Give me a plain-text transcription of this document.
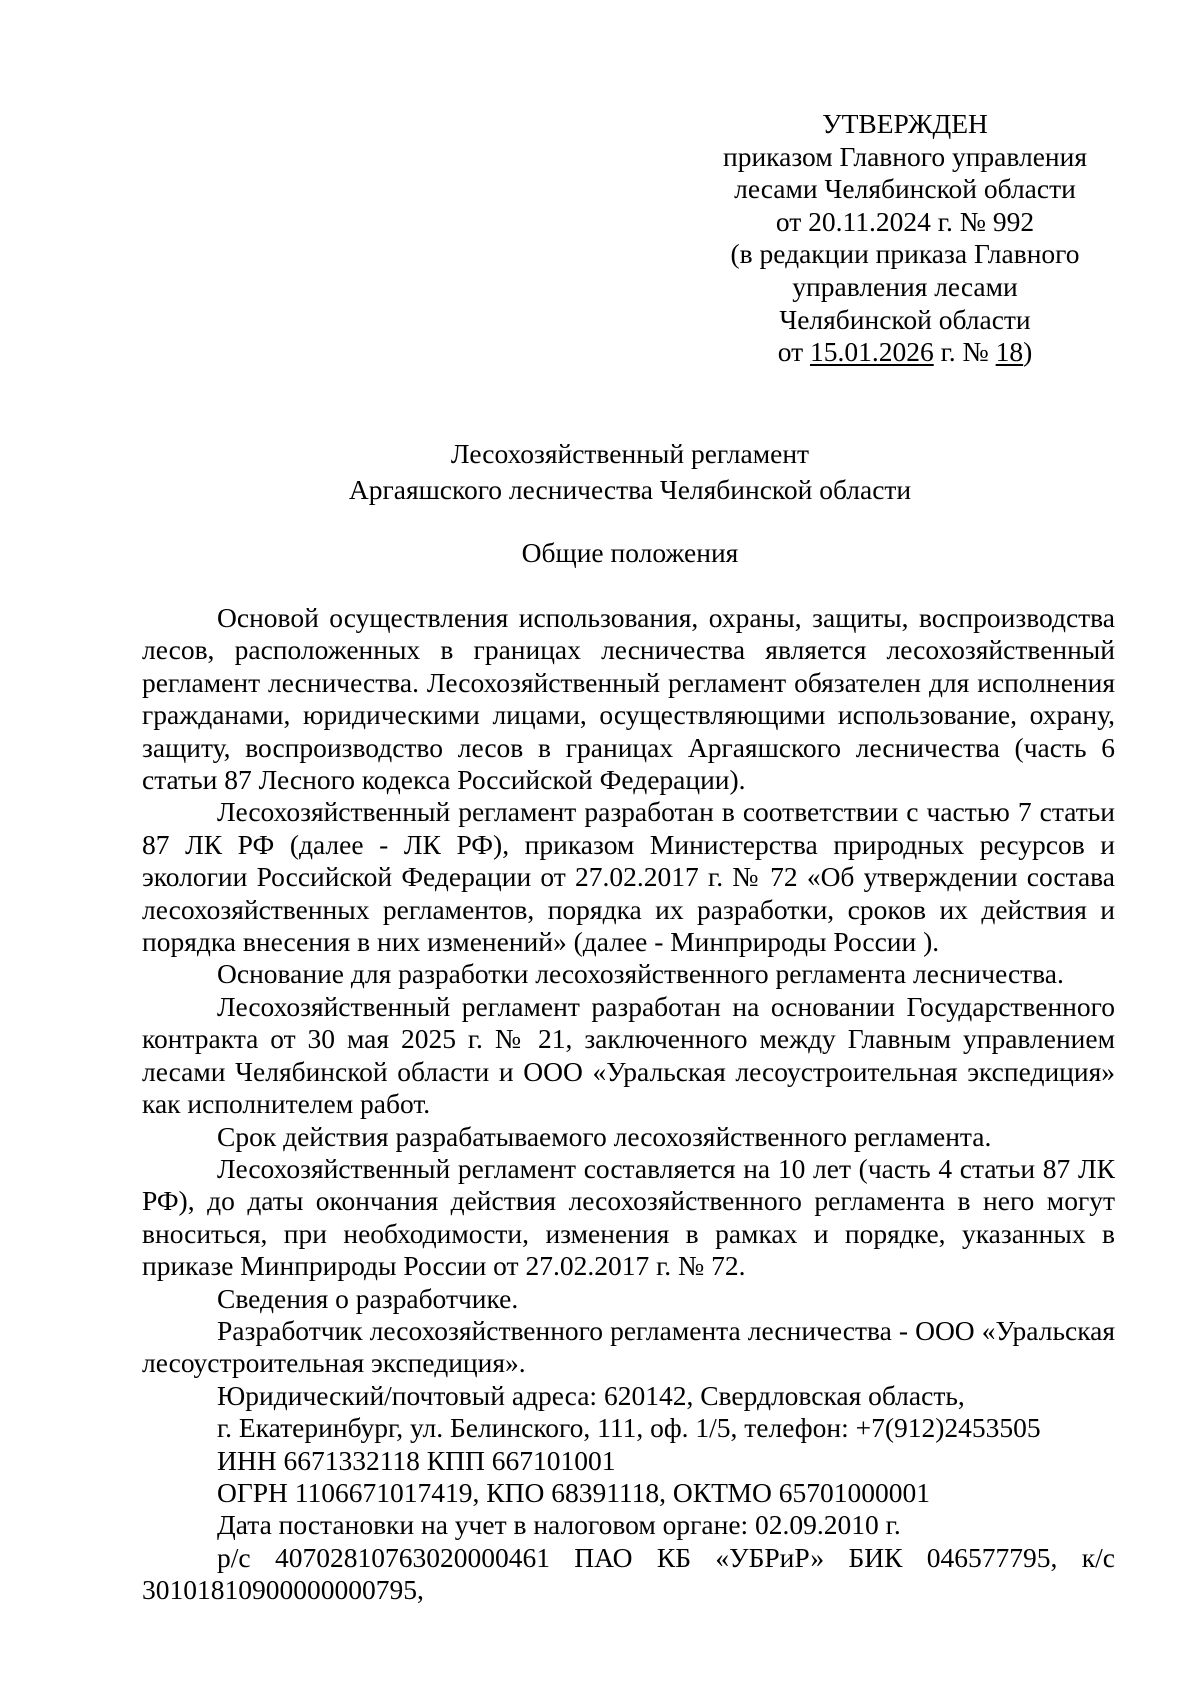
УТВЕРЖДЕН
приказом Главного управления
лесами Челябинской области
от 20.11.2024 г. № 992
(в редакции приказа Главного
управления лесами
Челябинской области
от 15.01.2026 г. № 18)
Лесохозяйственный регламент
Аргаяшского лесничества Челябинской области
Общие положения

Основой осуществления использования, охраны, защиты, воспроизводства лесов, расположенных в границах лесничества является лесохозяйственный регламент лесничества. Лесохозяйственный регламент обязателен для исполнения гражданами, юридическими лицами, осуществляющими использование, охрану, защиту, воспроизводство лесов в границах Аргаяшского лесничества (часть 6 статьи 87 Лесного кодекса Российской Федерации).

Лесохозяйственный регламент разработан в соответствии с частью 7 статьи 87 ЛК РФ (далее - ЛК РФ), приказом Министерства природных ресурсов и экологии Российской Федерации от 27.02.2017 г. № 72 «Об утверждении состава лесохозяйственных регламентов, порядка их разработки, сроков их действия и порядка внесения в них изменений» (далее - Минприроды России ).

Основание для разработки лесохозяйственного регламента лесничества.

Лесохозяйственный регламент разработан на основании Государственного контракта от 30 мая 2025 г. № 21, заключенного между Главным управлением лесами Челябинской области и ООО «Уральская лесоустроительная экспедиция» как исполнителем работ.

Срок действия разрабатываемого лесохозяйственного регламента.

Лесохозяйственный регламент составляется на 10 лет (часть 4 статьи 87 ЛК РФ), до даты окончания действия лесохозяйственного регламента в него могут вноситься, при необходимости, изменения в рамках и порядке, указанных в приказе Минприроды России от 27.02.2017 г. № 72.

Сведения о разработчике.

Разработчик лесохозяйственного регламента лесничества - ООО «Уральская лесоустроительная экспедиция».

Юридический/почтовый адреса: 620142, Свердловская область,

г. Екатеринбург, ул. Белинского, 111, оф. 1/5, телефон: +7(912)2453505

ИНН 6671332118 КПП 667101001

ОГРН 1106671017419, КПО 68391118, ОКТМО 65701000001

Дата постановки на учет в налоговом органе: 02.09.2010 г.

р/с 40702810763020000461 ПАО КБ «УБРиР» БИК 046577795, к/с 30101810900000000795,
